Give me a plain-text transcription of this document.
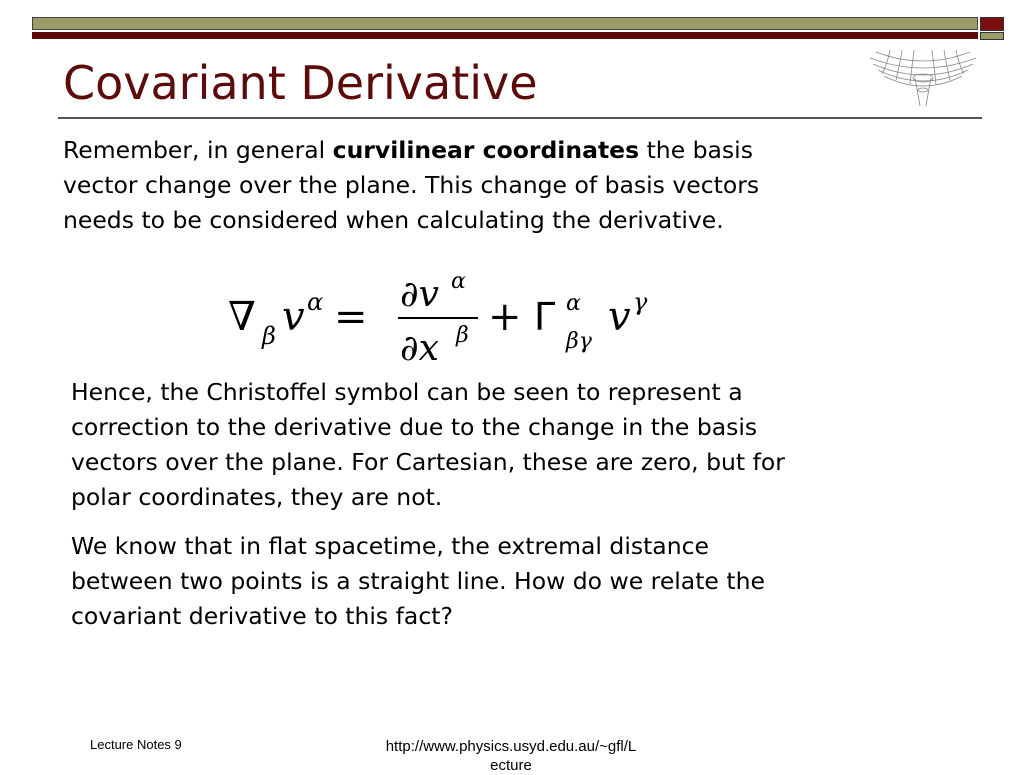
Covariant Derivative
Remember, in general curvilinear coordinates the basis
vector change over the plane. This change of basis vectors
needs to be considered when calculating the derivative.
∇ β v α = ∂v α
∂x β + Γ α
βγ
v γ
Hence, the Christoffel symbol can be seen to represent a
correction to the derivative due to the change in the basis
vectors over the plane. For Cartesian, these are zero, but for
polar coordinates, they are not.
We know that in flat spacetime, the extremal distance
between two points is a straight line. How do we relate the
covariant derivative to this fact?
Lecture Notes 9	http://www.physics.usyd.edu.au/~gfl/L
ecture
